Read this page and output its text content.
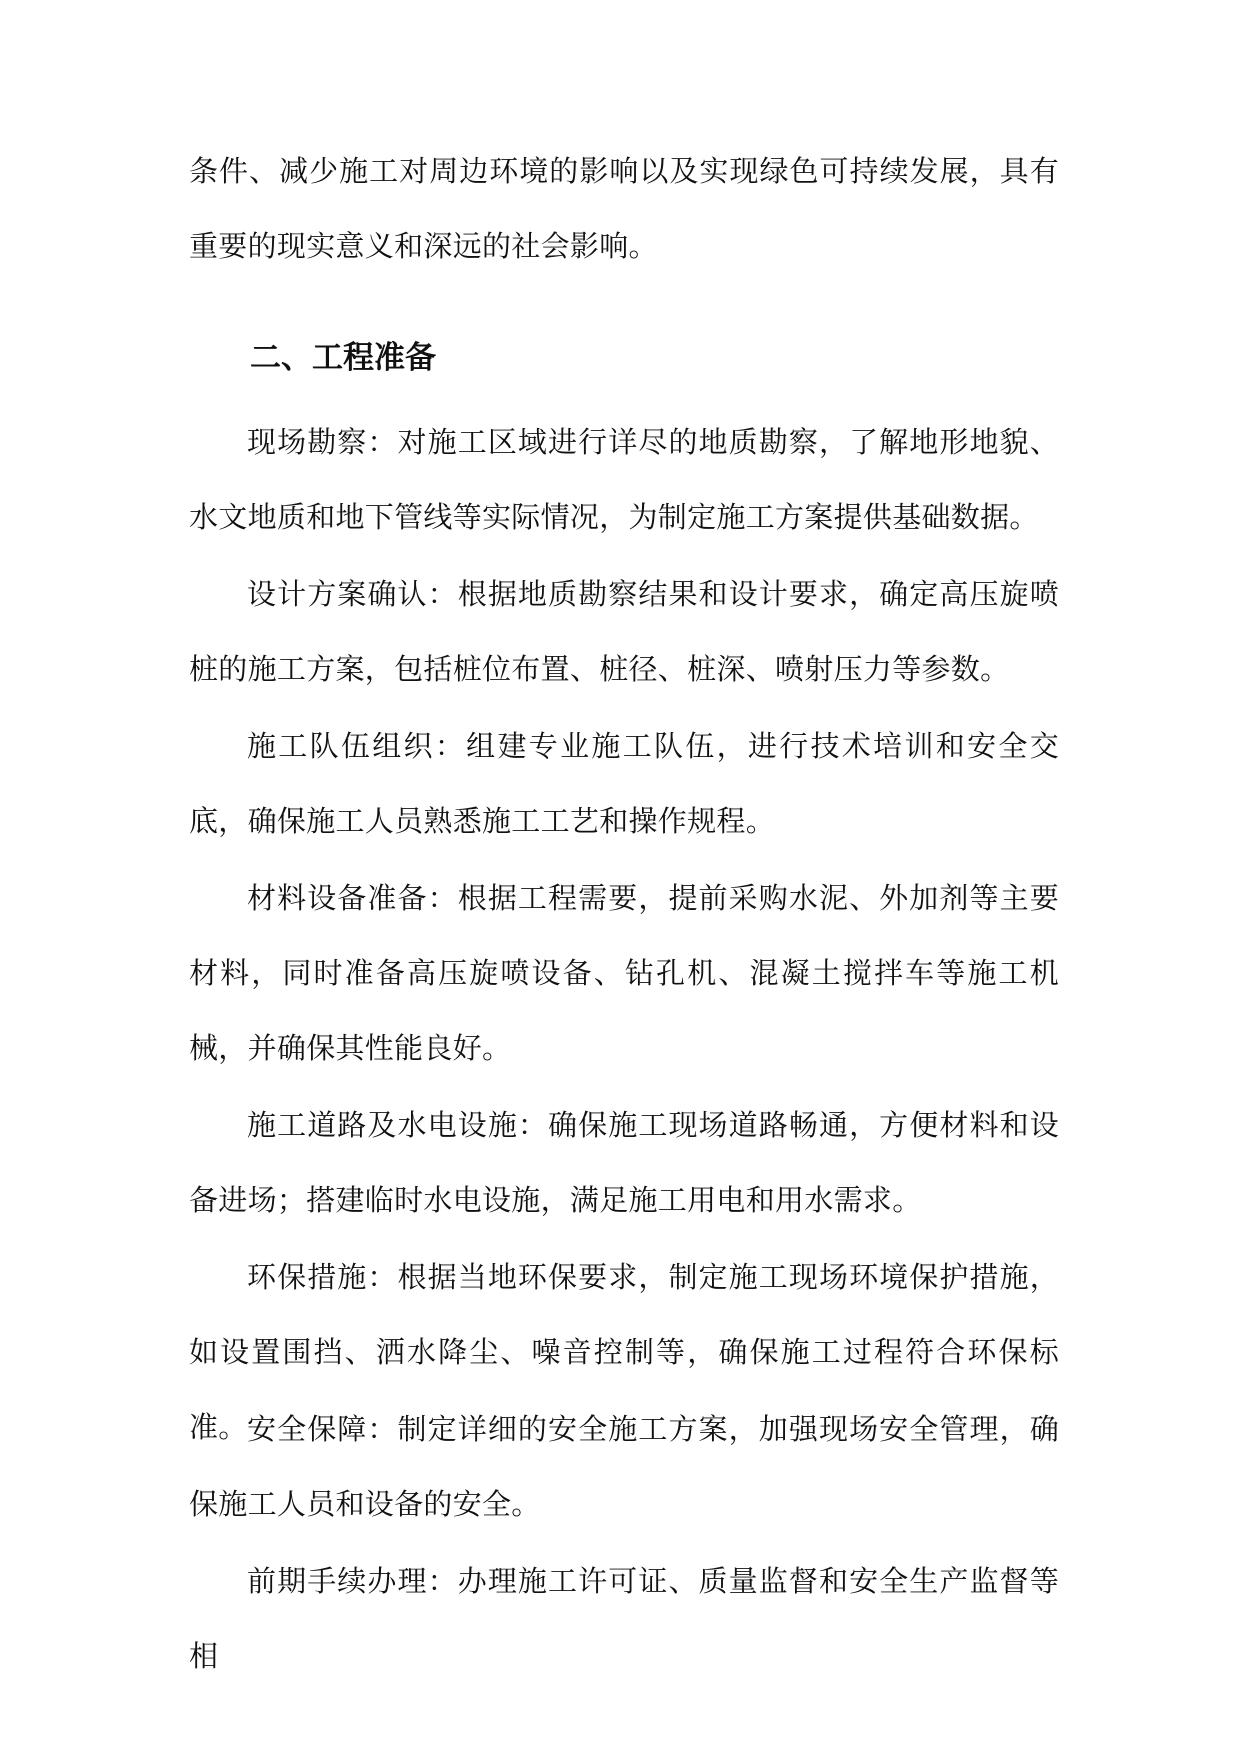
条件、减少施工对周边环境的影响以及实现绿色可持续发展，具有重要的现实意义和深远的社会影响。

二、工程准备

现场勘察：对施工区域进行详尽的地质勘察，了解地形地貌、水文地质和地下管线等实际情况，为制定施工方案提供基础数据。

设计方案确认：根据地质勘察结果和设计要求，确定高压旋喷桩的施工方案，包括桩位布置、桩径、桩深、喷射压力等参数。

施工队伍组织：组建专业施工队伍，进行技术培训和安全交底，确保施工人员熟悉施工工艺和操作规程。

材料设备准备：根据工程需要，提前采购水泥、外加剂等主要材料，同时准备高压旋喷设备、钻孔机、混凝土搅拌车等施工机械，并确保其性能良好。

施工道路及水电设施：确保施工现场道路畅通，方便材料和设备进场；搭建临时水电设施，满足施工用电和用水需求。

环保措施：根据当地环保要求，制定施工现场环境保护措施，如设置围挡、洒水降尘、噪音控制等，确保施工过程符合环保标准。 安全保障：制定详细的安全施工方案，加强现场安全管理，确保施工人员和设备的安全。

前期手续办理：办理施工许可证、质量监督和安全生产监督等相
